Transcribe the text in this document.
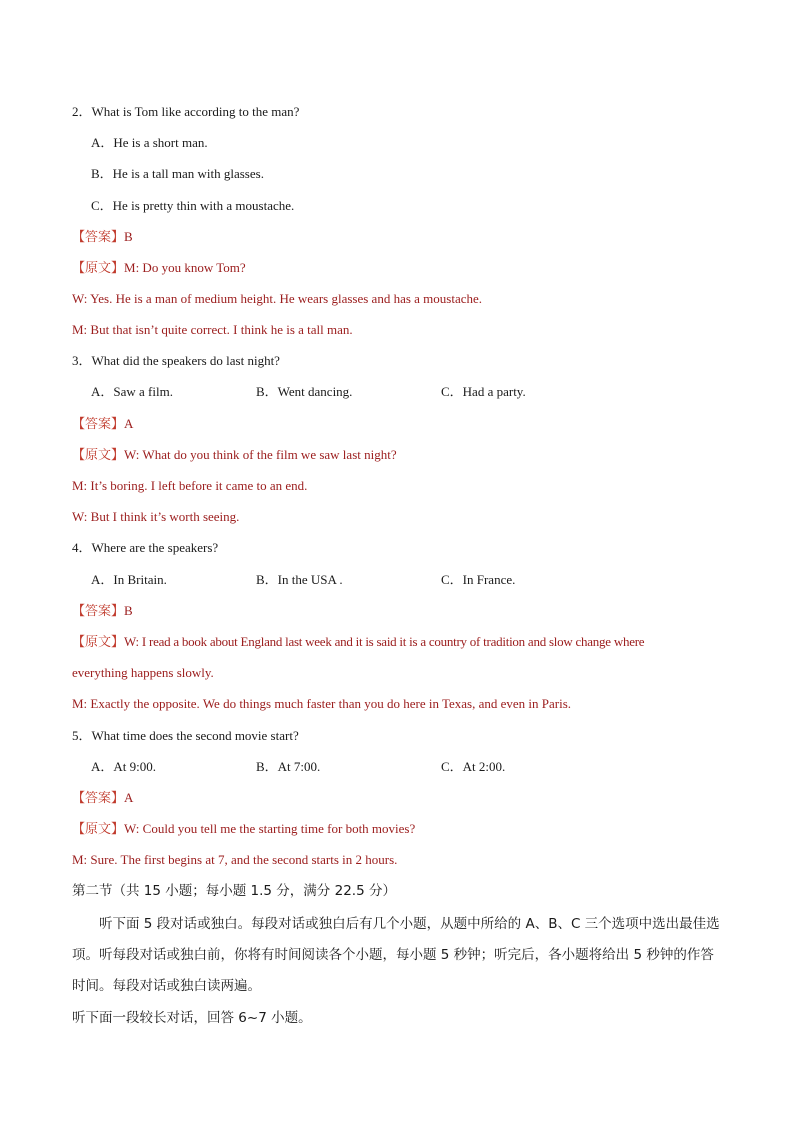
2．What is Tom like according to the man?
A．He is a short man.
B．He is a tall man with glasses.
C．He is pretty thin with a moustache.
【答案】B
【原文】M: Do you know Tom?
W: Yes. He is a man of medium height. He wears glasses and has a moustache.
M: But that isn’t quite correct. I think he is a tall man.
3．What did the speakers do last night?
A．Saw a film.	B．Went dancing.	C．Had a party.
【答案】A
【原文】W: What do you think of the film we saw last night?
M: It’s boring. I left before it came to an end.
W: But I think it’s worth seeing.
4．Where are the speakers?
A．In Britain.	B．In the USA .	C．In France.
【答案】B
【原文】W: I read a book about England last week and it is said it is a country of tradition and slow change where
everything happens slowly.
M: Exactly the opposite. We do things much faster than you do here in Texas, and even in Paris.
5．What time does the second movie start?
A．At 9:00.	B．At 7:00.	C．At 2:00.
【答案】A
【原文】W: Could you tell me the starting time for both movies?
M: Sure. The first begins at 7, and the second starts in 2 hours.
第二节（共 15 小题；每小题 1.5 分，满分 22.5 分）
听下面 5 段对话或独白。每段对话或独白后有几个小题，从题中所给的 A、B、C 三个选项中选出最佳选项。听每段对话或独白前，你将有时间阅读各个小题，每小题 5 秒钟；听完后，各小题将给出 5 秒钟的作答时间。每段对话或独白读两遍。
听下面一段较长对话，回答 6~7 小题。
